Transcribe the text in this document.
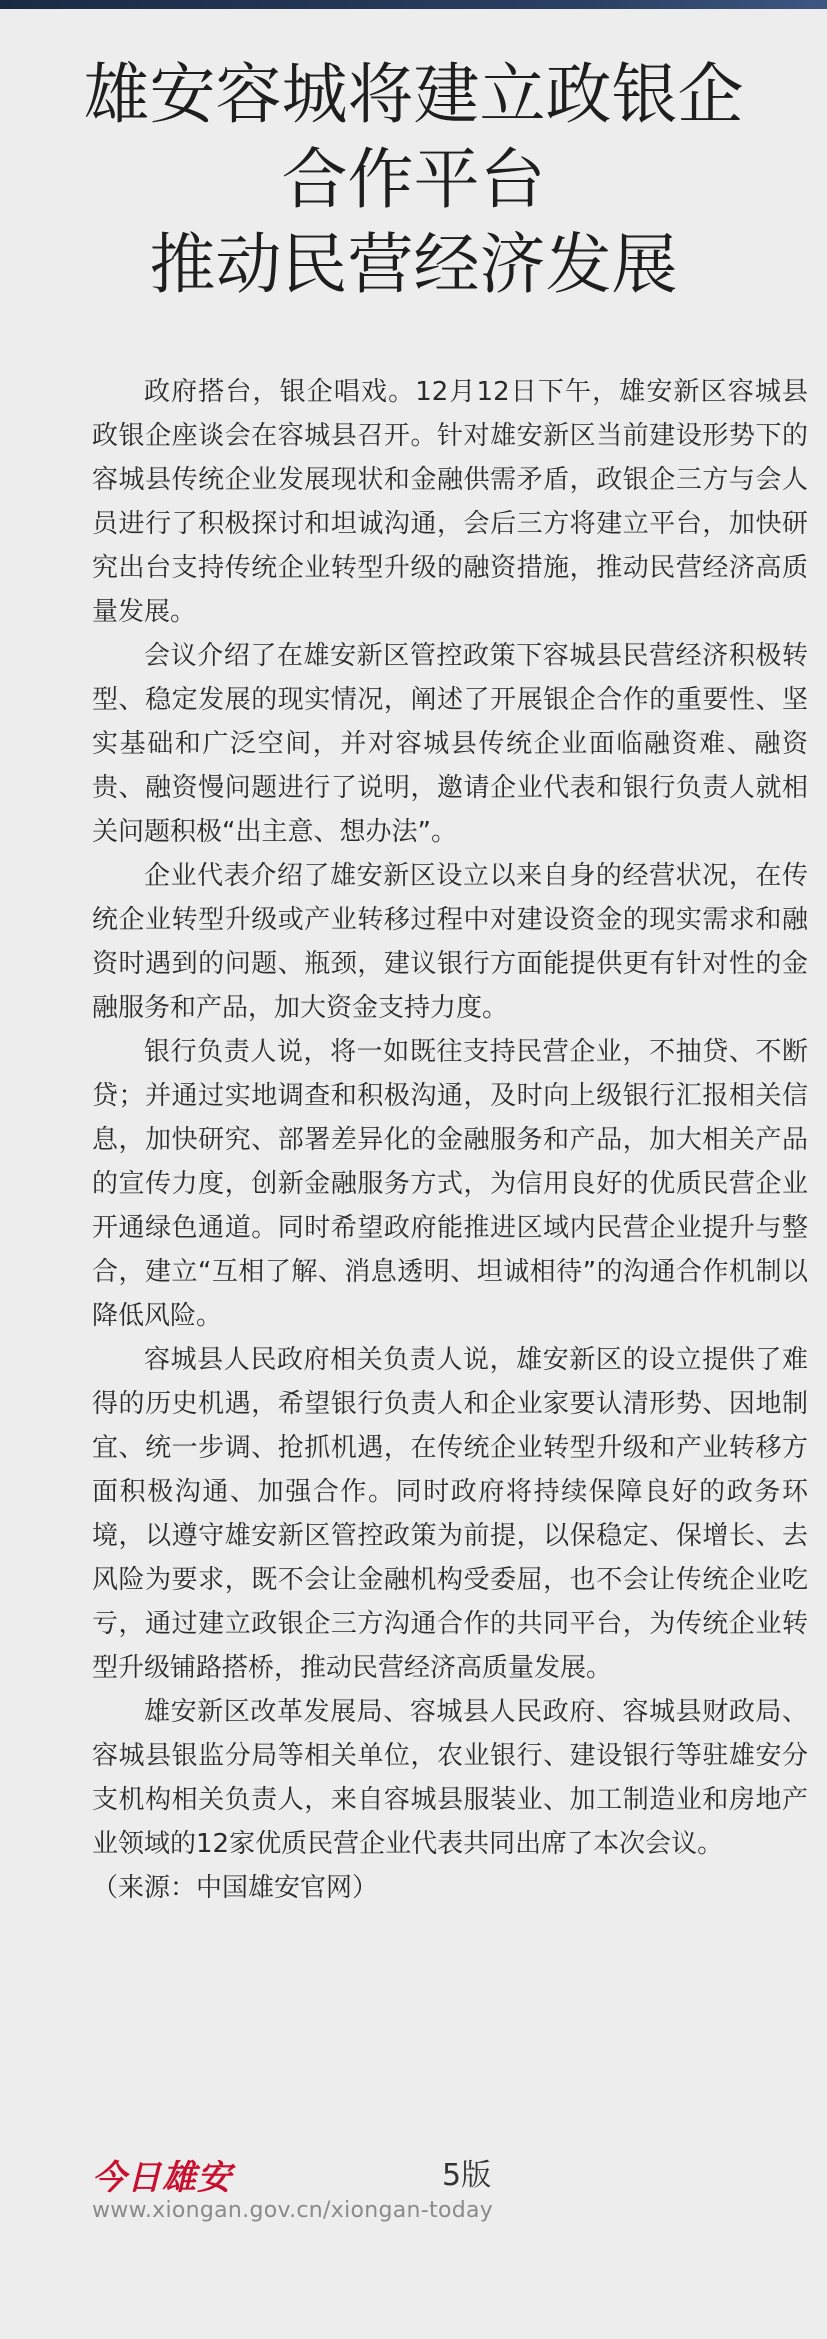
雄安容城将建立政银企
合作平台
推动民营经济发展

政府搭台，银企唱戏。12月12日下午，雄安新区容城县政银企座谈会在容城县召开。针对雄安新区当前建设形势下的容城县传统企业发展现状和金融供需矛盾，政银企三方与会人员进行了积极探讨和坦诚沟通，会后三方将建立平台，加快研究出台支持传统企业转型升级的融资措施，推动民营经济高质量发展。

会议介绍了在雄安新区管控政策下容城县民营经济积极转型、稳定发展的现实情况，阐述了开展银企合作的重要性、坚实基础和广泛空间，并对容城县传统企业面临融资难、融资贵、融资慢问题进行了说明，邀请企业代表和银行负责人就相关问题积极“出主意、想办法”。

企业代表介绍了雄安新区设立以来自身的经营状况，在传统企业转型升级或产业转移过程中对建设资金的现实需求和融资时遇到的问题、瓶颈，建议银行方面能提供更有针对性的金融服务和产品，加大资金支持力度。

银行负责人说，将一如既往支持民营企业，不抽贷、不断贷；并通过实地调查和积极沟通，及时向上级银行汇报相关信息，加快研究、部署差异化的金融服务和产品，加大相关产品的宣传力度，创新金融服务方式，为信用良好的优质民营企业开通绿色通道。同时希望政府能推进区域内民营企业提升与整合，建立“互相了解、消息透明、坦诚相待”的沟通合作机制以降低风险。

容城县人民政府相关负责人说，雄安新区的设立提供了难得的历史机遇，希望银行负责人和企业家要认清形势、因地制宜、统一步调、抢抓机遇，在传统企业转型升级和产业转移方面积极沟通、加强合作。同时政府将持续保障良好的政务环境，以遵守雄安新区管控政策为前提，以保稳定、保增长、去风险为要求，既不会让金融机构受委屈，也不会让传统企业吃亏，通过建立政银企三方沟通合作的共同平台，为传统企业转型升级铺路搭桥，推动民营经济高质量发展。

雄安新区改革发展局、容城县人民政府、容城县财政局、容城县银监分局等相关单位，农业银行、建设银行等驻雄安分支机构相关负责人，来自容城县服装业、加工制造业和房地产业领域的12家优质民营企业代表共同出席了本次会议。

（来源：中国雄安官网）

今日雄安	5版
www.xiongan.gov.cn/xiongan-today
